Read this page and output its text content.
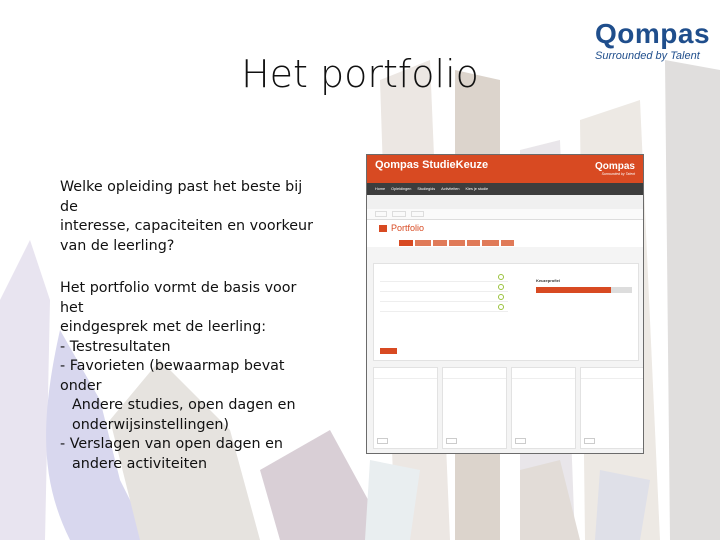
Het portfolio
Qompas
Surrounded by Talent

Welke opleiding past het beste bij de
interesse, capaciteiten en voorkeur
van de leerling?

Het portfolio vormt de basis voor het
eindgesprek met de leerling:
- Testresultaten
- Favorieten (bewaarmap bevat onder
Andere studies, open dagen en
onderwijsinstellingen)
- Verslagen van open dagen en
andere activiteiten

Qompas StudieKeuze	Qompas
Surrounded by Talent
Home Opleidingen Studiegids Activiteiten Kies je studie

Portfolio

Keuzeprofiel
